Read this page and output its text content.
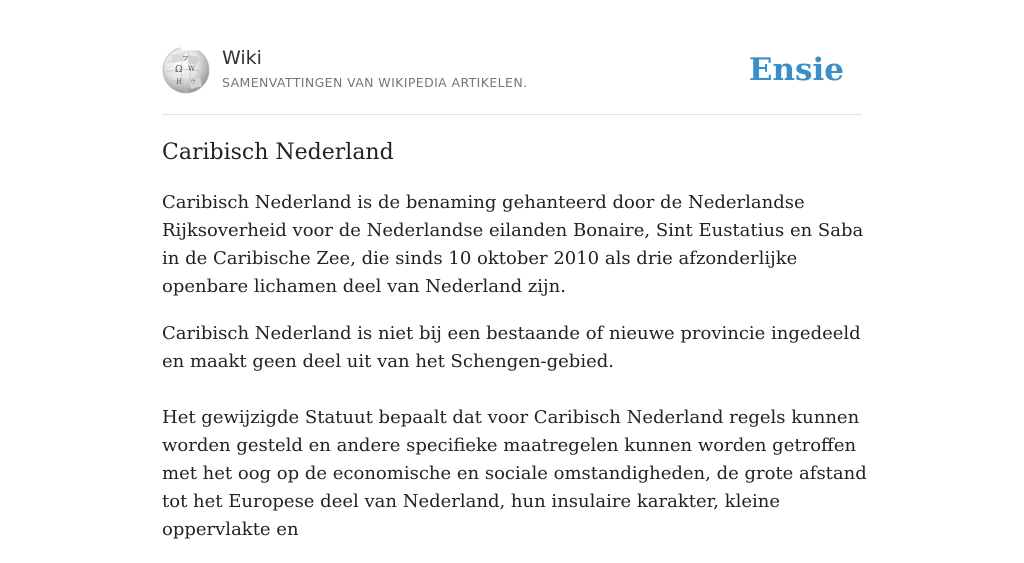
Ω W
И ウ
ア Wiki
SAMENVATTINGEN VAN WIKIPEDIA ARTIKELEN.	Ensie
Caribisch Nederland

Caribisch Nederland is de benaming gehanteerd door de Nederlandse Rijksoverheid voor de Nederlandse eilanden Bonaire, Sint Eustatius en Saba in de Caribische Zee, die sinds 10 oktober 2010 als drie afzonderlijke openbare lichamen deel van Nederland zijn.

Caribisch Nederland is niet bij een bestaande of nieuwe provincie ingedeeld en maakt geen deel uit van het Schengen-gebied.

Het gewijzigde Statuut bepaalt dat voor Caribisch Nederland regels kunnen worden gesteld en andere specifieke maatregelen kunnen worden getroffen met het oog op de economische en sociale omstandigheden, de grote afstand tot het Europese deel van Nederland, hun insulaire karakter, kleine oppervlakte en
